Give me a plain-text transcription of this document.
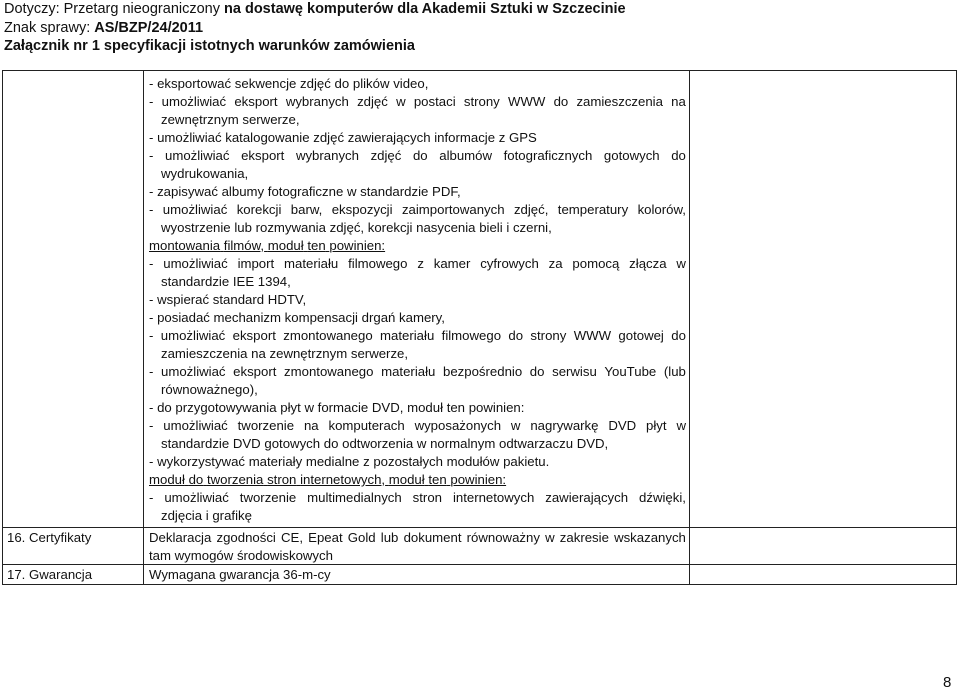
Dotyczy: Przetarg nieograniczony na dostawę komputerów dla Akademii Sztuki w Szczecinie
Znak sprawy: AS/BZP/24/2011
Załącznik nr 1 specyfikacji istotnych warunków zamówienia
- eksportować sekwencje zdjęć do plików video,
- umożliwiać eksport wybranych zdjęć w postaci strony WWW do zamieszczenia na
zewnętrznym serwerze,
- umożliwiać katalogowanie zdjęć zawierających informacje z GPS
- umożliwiać eksport wybranych zdjęć do albumów fotograficznych gotowych do
wydrukowania,
- zapisywać albumy fotograficzne w standardzie PDF,
- umożliwiać korekcji barw, ekspozycji zaimportowanych zdjęć, temperatury kolorów,
wyostrzenie lub rozmywania zdjęć, korekcji nasycenia bieli i czerni,
montowania filmów, moduł ten powinien:
- umożliwiać import materiału filmowego z kamer cyfrowych za pomocą złącza w
standardzie IEE 1394,
- wspierać standard HDTV,
- posiadać mechanizm kompensacji drgań kamery,
- umożliwiać eksport zmontowanego materiału filmowego do strony WWW gotowej do
zamieszczenia na zewnętrznym serwerze,
- umożliwiać eksport zmontowanego materiału bezpośrednio do serwisu YouTube (lub
równoważnego),
- do przygotowywania płyt w formacie DVD, moduł ten powinien:
- umożliwiać tworzenie na komputerach wyposażonych w nagrywarkę DVD płyt w
standardzie DVD gotowych do odtworzenia w normalnym odtwarzaczu DVD,
- wykorzystywać materiały medialne z pozostałych modułów pakietu.
moduł do tworzenia stron internetowych, moduł ten powinien:
- umożliwiać tworzenie multimedialnych stron internetowych zawierających dźwięki,
zdjęcia i grafikę
16. Certyfikaty	Deklaracja zgodności CE, Epeat Gold lub dokument równoważny w zakresie wskazanych
tam wymogów środowiskowych
17. Gwarancja	Wymagana gwarancja 36-m-cy
8
